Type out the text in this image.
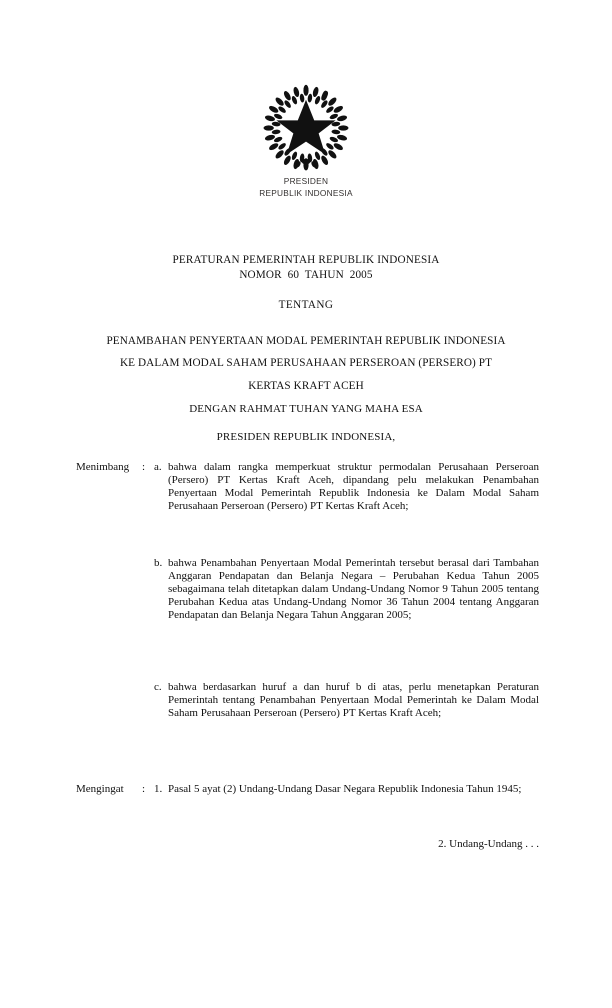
PRESIDEN
REPUBLIK INDONESIA
PERATURAN PEMERINTAH REPUBLIK INDONESIA
NOMOR  60  TAHUN  2005
TENTANG
PENAMBAHAN PENYERTAAN MODAL PEMERINTAH REPUBLIK INDONESIA
KE DALAM MODAL SAHAM PERUSAHAAN PERSEROAN (PERSERO) PT
KERTAS KRAFT ACEH
DENGAN RAHMAT TUHAN YANG MAHA ESA
PRESIDEN REPUBLIK INDONESIA,
Menimbang	: a. bahwa dalam rangka memperkuat struktur permodalan Perusahaan Perseroan (Persero) PT Kertas Kraft Aceh, dipandang pelu melakukan Penambahan Penyertaan Modal Pemerintah Republik Indonesia ke Dalam Modal Saham Perusahaan Perseroan (Persero) PT Kertas Kraft Aceh;
b. bahwa Penambahan Penyertaan Modal Pemerintah tersebut berasal dari Tambahan Anggaran Pendapatan dan Belanja Negara – Perubahan Kedua Tahun 2005 sebagaimana telah ditetapkan dalam Undang-Undang Nomor 9 Tahun 2005 tentang Perubahan Kedua atas Undang-Undang Nomor 36 Tahun 2004 tentang Anggaran Pendapatan dan Belanja Negara Tahun Anggaran 2005;
c. bahwa berdasarkan huruf a dan huruf b di atas, perlu menetapkan Peraturan Pemerintah tentang Penambahan Penyertaan Modal Pemerintah ke Dalam Modal Saham Perusahaan Perseroan (Persero) PT Kertas Kraft Aceh;
Mengingat	: 1. Pasal 5 ayat (2) Undang-Undang Dasar Negara Republik Indonesia Tahun 1945;
2. Undang-Undang . . .
